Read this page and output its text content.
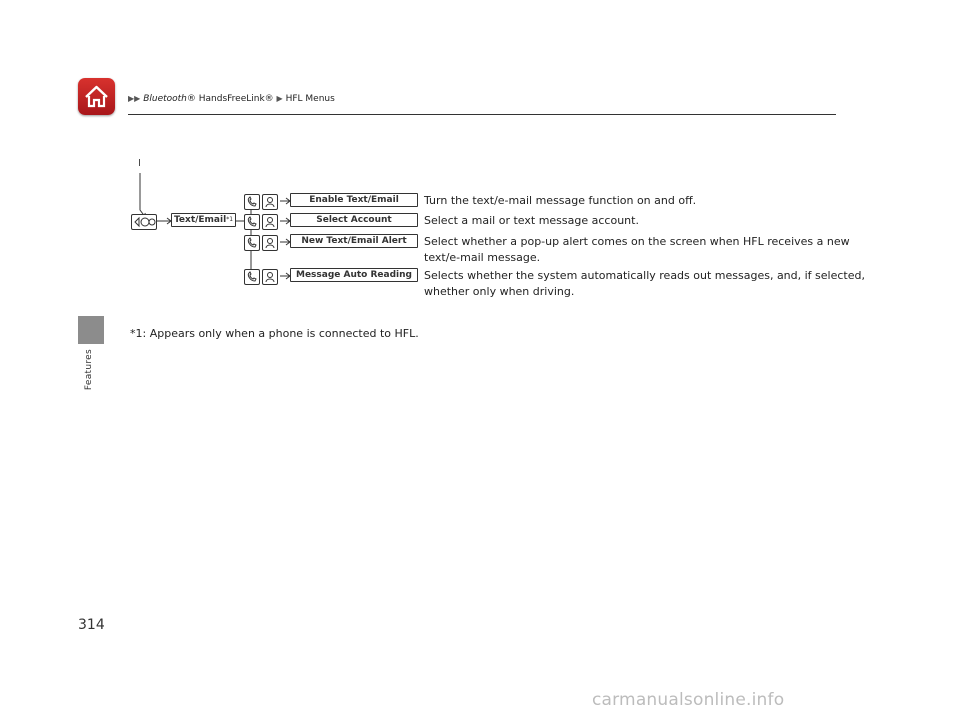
Features
▶▶ Bluetooth® HandsFreeLink® ▶ HFL Menus
I
Text/Email$^{*1}$
Enable Text/Email
Select Account
New Text/Email Alert
Message Auto Reading
Turn the text/e-mail message function on and off.
Select a mail or text message account.
Select whether a pop-up alert comes on the screen when HFL receives a new
text/e-mail message.
Selects whether the system automatically reads out messages, and, if selected,
whether only when driving.
*1: Appears only when a phone is connected to HFL.
314
carmanualsonline.info
